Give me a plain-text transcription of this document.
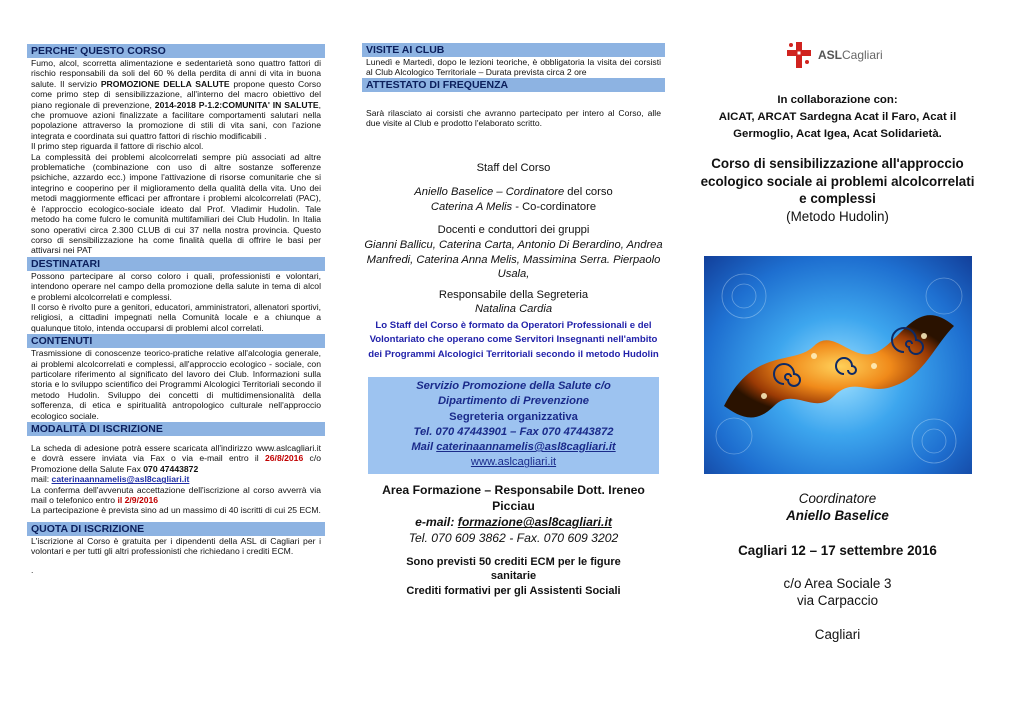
PERCHE' QUESTO CORSO
Fumo, alcol, scorretta alimentazione e sedentarietà sono quattro fattori di rischio responsabili da soli del 60 % della perdita di anni di vita in buona salute. Il servizio PROMOZIONE DELLA SALUTE propone questo Corso come primo step di sensibilizzazione, all'interno del macro obiettivo del piano regionale di prevenzione, 2014-2018 P-1.2:COMUNITA' IN SALUTE, che promuove azioni finalizzate a facilitare comportamenti salutari nella popolazione attraverso la promozione di stili di vita sani, con l'azione integrata e coordinata sui quattro fattori di rischio modificabili .
Il primo step riguarda il fattore di rischio alcol.
La complessità dei problemi alcolcorrelati sempre più associati ad altre problematiche (combinazione con uso di altre sostanze sofferenze psichiche, azzardo ecc.) impone l'attivazione di risorse comunitarie che si integrino e cooperino per il miglioramento della qualità della vita. Uno dei metodi maggiormente efficaci per affrontare i problemi alcolcorrelati (PAC), è l'approccio ecologico-sociale ideato dal Prof. Vladimir Hudolin. Tale metodo ha come fulcro le comunità multifamiliari dei Club Hudolin. In Italia sono operativi circa 2.300 CLUB di cui 37 nella nostra provincia. Questo corso di sensibilizzazione ha come finalità quella di offrire le basi per attivarsi nei PAT
DESTINATARI
Possono partecipare al corso coloro i quali, professionisti e volontari, intendono operare nel campo della promozione della salute in tema di alcol e problemi alcolcorrelati e complessi.
Il corso è rivolto pure a genitori, educatori, amministratori, allenatori sportivi, religiosi, a cittadini impegnati nella Comunità locale e a chiunque a qualunque titolo, intenda occuparsi di problemi alcol correlati.
CONTENUTI
Trasmissione di conoscenze teorico-pratiche relative all'alcologia generale, ai problemi alcolcorrelati e complessi, all'approccio ecologico - sociale, con particolare riferimento al significato del lavoro dei Club. Informazioni sulla storia e lo sviluppo scientifico dei Programmi Alcologici Territoriali secondo il metodo Hudolin. Sviluppo dei concetti di multidimensionalità della sofferenza, di etica e spiritualità antropologico culturale nell'approccio ecologico sociale.
MODALITÀ DI ISCRIZIONE
La scheda di adesione potrà essere scaricata all'indirizzo www.aslcagliari.it e dovrà essere inviata via Fax o via e-mail entro il 26/8/2016 c/o Promozione della Salute Fax 070 47443872
mail: caterinaannamelis@asl8cagliari.it
La conferma dell'avvenuta accettazione dell'iscrizione al corso avverrà via mail o telefonico entro il 2/9/2016
La partecipazione è prevista sino ad un massimo di 40 iscritti di cui 25 ECM.
QUOTA DI ISCRIZIONE
L'iscrizione al Corso è gratuita per i dipendenti della ASL di Cagliari per i volontari e per tutti gli altri professionisti che richiedano i crediti ECM.
.
VISITE AI CLUB
Lunedì e Martedì, dopo le lezioni teoriche, è obbligatoria la visita dei corsisti al Club Alcologico Territoriale – Durata prevista circa 2 ore
ATTESTATO DI FREQUENZA
Sarà rilasciato ai corsisti che avranno partecipato per intero al Corso, alle due visite al Club e prodotto l'elaborato scritto.
Staff del Corso
Aniello Baselice – Cordinatore del corso
Caterina A Melis - Co-cordinatore
Docenti e conduttori dei gruppi
Gianni Ballicu, Caterina Carta, Antonio Di Berardino, Andrea Manfredi, Caterina Anna Melis, Massimina Serra. Pierpaolo Usala,
Responsabile della Segreteria
Natalina Cardia
Lo Staff del Corso è formato da Operatori Professionali e del Volontariato che operano come Servitori Insegnanti nell'ambito dei Programmi Alcologici Territoriali secondo il metodo Hudolin
Servizio Promozione della Salute c/o
Dipartimento di Prevenzione
Segreteria organizzativa
Tel. 070 47443901 – Fax 070 47443872
Mail caterinaannamelis@asl8cagliari.it
www.aslcagliari.it
Area Formazione – Responsabile Dott. Ireneo Picciau
e-mail: formazione@asl8cagliari.it
Tel. 070 609 3862 - Fax. 070 609 3202
Sono previsti 50 crediti ECM per le figure sanitarie
Crediti formativi per gli Assistenti Sociali
ASLCagliari
In collaborazione con:
AICAT, ARCAT Sardegna Acat il Faro, Acat il Germoglio, Acat Igea, Acat Solidarietà.
Corso di sensibilizzazione all'approccio ecologico sociale ai problemi alcolcorrelati e complessi
(Metodo Hudolin)
Coordinatore
Aniello Baselice
Cagliari 12 – 17 settembre 2016
c/o Area Sociale 3
via Carpaccio
Cagliari
